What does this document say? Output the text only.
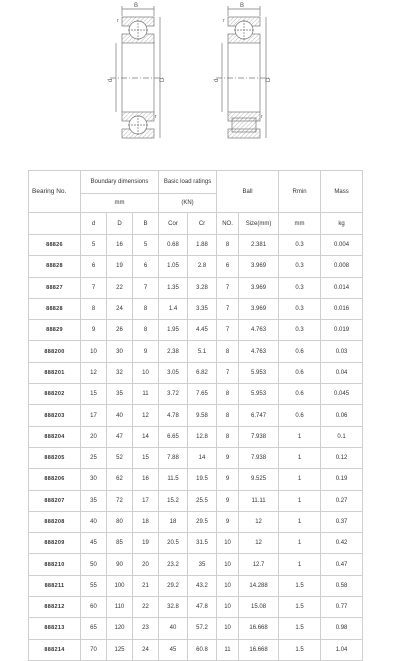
B
r
r
d	D
B
r
r
d	D
Bearing No.	Boundary dimensions			Basic load ratings		Ball		Rmin	Mass
	mm			(KN)					
	d	D	B	Cor	Cr	NO.	Size(mm)	mm	kg
88826	5	16	5	0.68	1.88	8	2.381	0.3	0.004
88828	6	19	6	1.05	2.8	6	3.969	0.3	0.008
88827	7	22	7	1.35	3.28	7	3.969	0.3	0.014
88828	8	24	8	1.4	3.35	7	3.969	0.3	0.016
88829	9	26	8	1.95	4.45	7	4.763	0.3	0.019
888200	10	30	9	2.38	5.1	8	4.763	0.6	0.03
888201	12	32	10	3.05	6.82	7	5.953	0.6	0.04
888202	15	35	11	3.72	7.65	8	5.953	0.6	0.045
888203	17	40	12	4.78	9.58	8	6.747	0.6	0.06
888204	20	47	14	6.65	12.8	8	7.938	1	0.1
888205	25	52	15	7.88	14	9	7.938	1	0.12
888206	30	62	16	11.5	19.5	9	9.525	1	0.19
888207	35	72	17	15.2	25.5	9	11.11	1	0.27
888208	40	80	18	18	29.5	9	12	1	0.37
888209	45	85	19	20.5	31.5	10	12	1	0.42
888210	50	90	20	23.2	35	10	12.7	1	0.47
888211	55	100	21	29.2	43.2	10	14.288	1.5	0.58
888212	60	110	22	32.8	47.8	10	15.08	1.5	0.77
888213	65	120	23	40	57.2	10	16.668	1.5	0.98
888214	70	125	24	45	60.8	11	16.668	1.5	1.04
